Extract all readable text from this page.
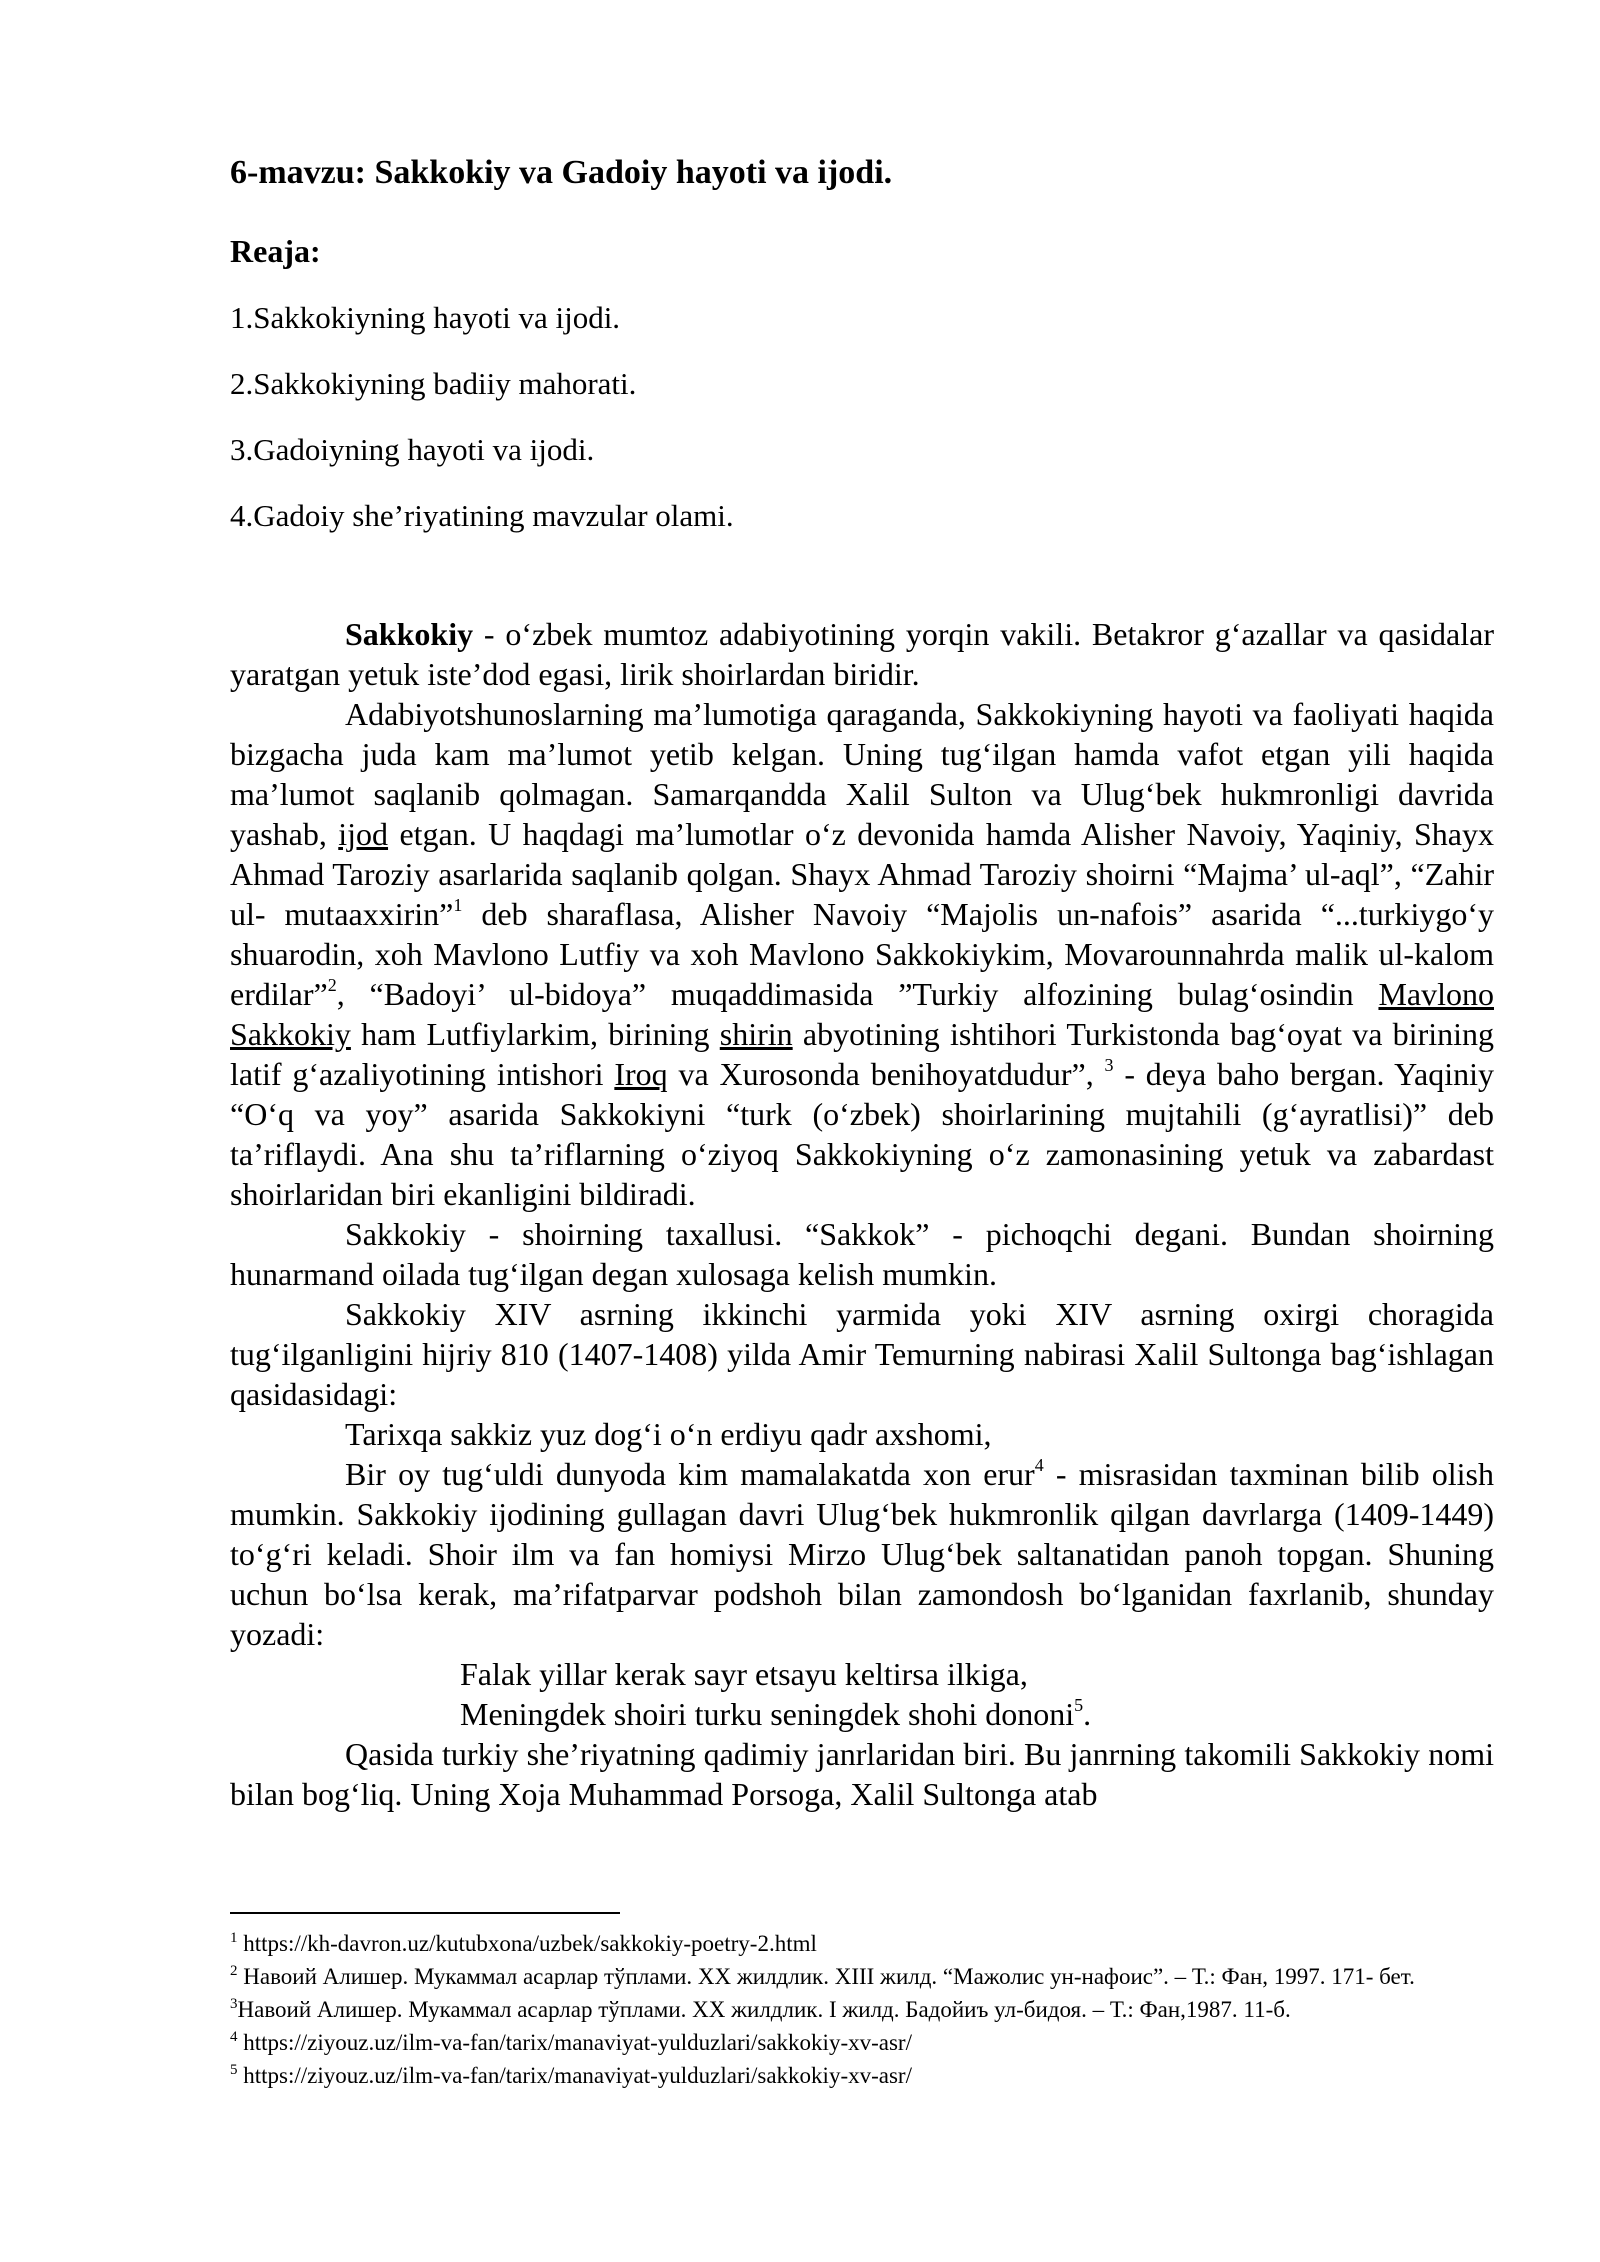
6-mavzu: Sakkokiy va Gadoiy hayoti va ijodi.
Reaja:
1.Sakkokiyning hayoti va ijodi.
2.Sakkokiyning badiiy mahorati.
3.Gadoiyning hayoti va ijodi.
4.Gadoiy she’riyatining mavzular olami.

Sakkokiy - o‘zbek mumtoz adabiyotining yorqin vakili. Betakror g‘azallar va qasidalar yaratgan yetuk iste’dod egasi, lirik shoirlardan biridir.

Adabiyotshunoslarning ma’lumotiga qaraganda, Sakkokiyning hayoti va faoliyati haqida bizgacha juda kam ma’lumot yetib kelgan. Uning tug‘ilgan hamda vafot etgan yili haqida ma’lumot saqlanib qolmagan. Samarqandda Xalil Sulton va Ulug‘bek hukmronligi davrida yashab, ijod etgan. U haqdagi ma’lumotlar o‘z devonida hamda Alisher Navoiy, Yaqiniy, Shayx Ahmad Taroziy asarlarida saqlanib qolgan. Shayx Ahmad Taroziy shoirni “Majma’ ul-aql”, “Zahir ul- mutaaxxirin”$^1$ deb sharaflasa, Alisher Navoiy “Majolis un-nafois” asarida “...turkiygo‘y shuarodin, xoh Mavlono Lutfiy va xoh Mavlono Sakkokiykim, Movarounnahrda malik ul-kalom erdilar”$^2$, “Badoyi’ ul-bidoya” muqaddimasida ”Turkiy alfozining bulag‘osindin Mavlono Sakkokiy ham Lutfiylarkim, birining shirin abyotining ishtihori Turkistonda bag‘oyat va birining latif g‘azaliyotining intishori Iroq va Xurosonda benihoyatdudur”, $^3$ - deya baho bergan. Yaqiniy “O‘q va yoy” asarida Sakkokiyni “turk (o‘zbek) shoirlarining mujtahili (g‘ayratlisi)” deb ta’riflaydi. Ana shu ta’riflarning o‘ziyoq Sakkokiyning o‘z zamonasining yetuk va zabardast shoirlaridan biri ekanligini bildiradi.

Sakkokiy - shoirning taxallusi. “Sakkok” - pichoqchi degani. Bundan shoirning hunarmand oilada tug‘ilgan degan xulosaga kelish mumkin.

Sakkokiy XIV asrning ikkinchi yarmida yoki XIV asrning oxirgi choragida tug‘ilganligini hijriy 810 (1407-1408) yilda Amir Temurning nabirasi Xalil Sultonga bag‘ishlagan qasidasidagi:

Tarixqa sakkiz yuz dog‘i o‘n erdiyu qadr axshomi,

Bir oy tug‘uldi dunyoda kim mamalakatda xon erur$^4$ - misrasidan taxminan bilib olish mumkin. Sakkokiy ijodining gullagan davri Ulug‘bek hukmronlik qilgan davrlarga (1409-1449) to‘g‘ri keladi. Shoir ilm va fan homiysi Mirzo Ulug‘bek saltanatidan panoh topgan. Shuning uchun bo‘lsa kerak, ma’rifatparvar podshoh bilan zamondosh bo‘lganidan faxrlanib, shunday yozadi:

Falak yillar kerak sayr etsayu keltirsa ilkiga,

Meningdek shoiri turku seningdek shohi dononi$^5$.

Qasida turkiy she’riyatning qadimiy janrlaridan biri. Bu janrning takomili Sakkokiy nomi bilan bog‘liq. Uning Xoja Muhammad Porsoga, Xalil Sultonga atab

$^1$ https://kh-davron.uz/kutubxona/uzbek/sakkokiy-poetry-2.html

$^2$ Навоий Алишер. Мукаммал асарлар тўплами. XX жилдлик. XIII жилд. “Мажолис ун-нафоис”. – Т.: Фан, 1997. 171- бет.

$^3$Навоий Алишер. Мукаммал асарлар тўплами. XX жилдлик. I жилд. Бадойиъ ул-бидоя. – Т.: Фан,1987. 11-б.

$^4$ https://ziyouz.uz/ilm-va-fan/tarix/manaviyat-yulduzlari/sakkokiy-xv-asr/

$^5$ https://ziyouz.uz/ilm-va-fan/tarix/manaviyat-yulduzlari/sakkokiy-xv-asr/
